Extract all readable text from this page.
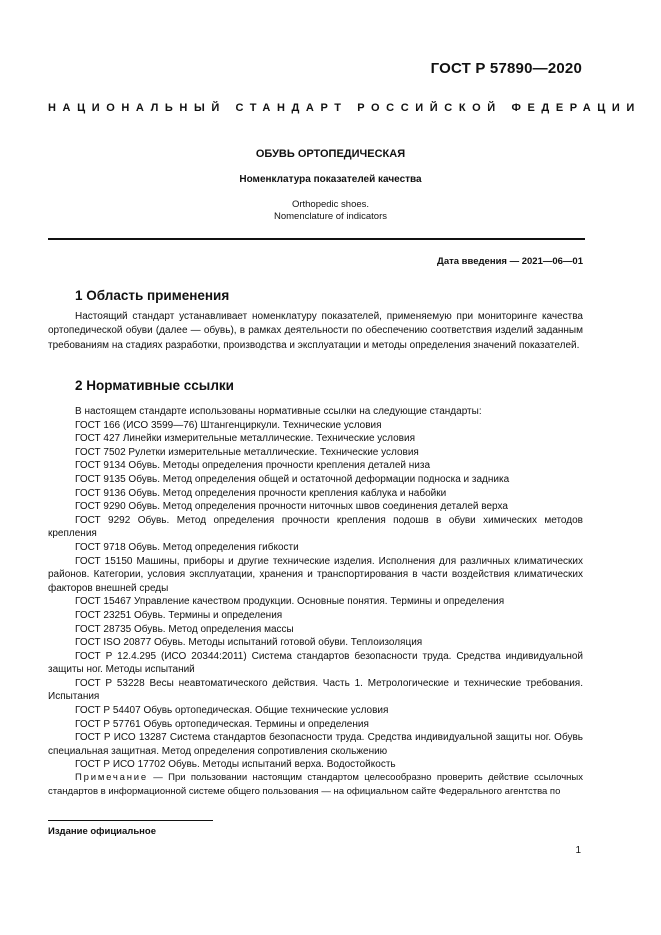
ГОСТ Р 57890—2020
НАЦИОНАЛЬНЫЙ СТАНДАРТ РОССИЙСКОЙ ФЕДЕРАЦИИ
ОБУВЬ ОРТОПЕДИЧЕСКАЯ
Номенклатура показателей качества
Orthopedic shoes.
Nomenclature of indicators
Дата введения — 2021—06—01
1 Область применения

Настоящий стандарт устанавливает номенклатуру показателей, применяемую при мониторинге качества ортопедической обуви (далее — обувь), в рамках деятельности по обеспечению соответствия изделий заданным требованиям на стадиях разработки, производства и эксплуатации и методы определения значений показателей.

2 Нормативные ссылки
В настоящем стандарте использованы нормативные ссылки на следующие стандарты:
ГОСТ 166 (ИСО 3599—76) Штангенциркули. Технические условия
ГОСТ 427 Линейки измерительные металлические. Технические условия
ГОСТ 7502 Рулетки измерительные металлические. Технические условия
ГОСТ 9134 Обувь. Методы определения прочности крепления деталей низа
ГОСТ 9135 Обувь. Метод определения общей и остаточной деформации подноска и задника
ГОСТ 9136 Обувь. Метод определения прочности крепления каблука и набойки
ГОСТ 9290 Обувь. Метод определения прочности ниточных швов соединения деталей верха
ГОСТ 9292 Обувь. Метод определения прочности крепления подошв в обуви химических методов крепления
ГОСТ 9718 Обувь. Метод определения гибкости
ГОСТ 15150 Машины, приборы и другие технические изделия. Исполнения для различных климатических районов. Категории, условия эксплуатации, хранения и транспортирования в части воздействия климатических факторов внешней среды
ГОСТ 15467 Управление качеством продукции. Основные понятия. Термины и определения
ГОСТ 23251 Обувь. Термины и определения
ГОСТ 28735 Обувь. Метод определения массы
ГОСТ ISO 20877 Обувь. Методы испытаний готовой обуви. Теплоизоляция
ГОСТ Р 12.4.295 (ИСО 20344:2011) Система стандартов безопасности труда. Средства индивидуальной защиты ног. Методы испытаний
ГОСТ Р 53228 Весы неавтоматического действия. Часть 1. Метрологические и технические требования. Испытания
ГОСТ Р 54407 Обувь ортопедическая. Общие технические условия
ГОСТ Р 57761 Обувь ортопедическая. Термины и определения
ГОСТ Р ИСО 13287 Система стандартов безопасности труда. Средства индивидуальной защиты ног. Обувь специальная защитная. Метод определения сопротивления скольжению
ГОСТ Р ИСО 17702 Обувь. Методы испытаний верха. Водостойкость

Примечание — При пользовании настоящим стандартом целесообразно проверить действие ссылочных стандартов в информационной системе общего пользования — на официальном сайте Федерального агентства по

Издание официальное
1
